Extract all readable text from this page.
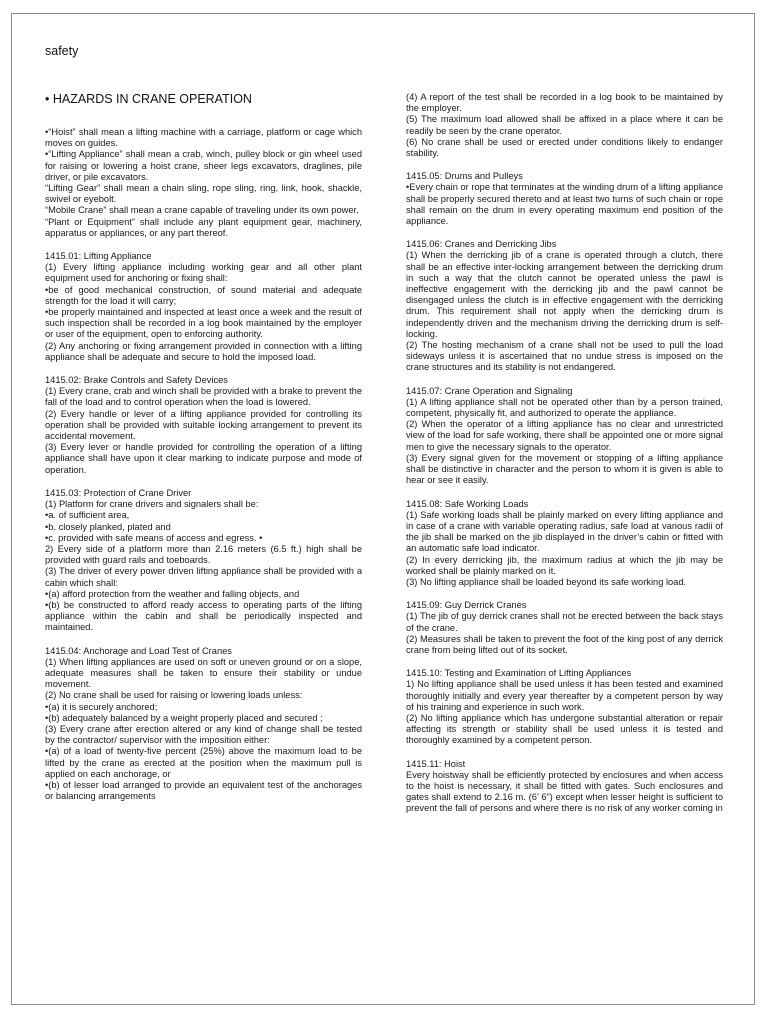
safety
• HAZARDS IN CRANE OPERATION

•“Hoist” shall mean a lifting machine with a carriage, platform or cage which moves on guides.

•“Lifting Appliance” shall mean a crab, winch, pulley block or gin wheel used for raising or lowering a hoist crane, sheer legs excavators, draglines, pile driver, or pile excavators.

“Lifting Gear” shall mean a chain sling, rope sling, ring, link, hook, shackle, swivel or eyebolt.

“Mobile Crane” shall mean a crane capable of traveling under its own power.

“Plant or Equipment” shall include any plant equipment gear, machinery, apparatus or appliances, or any part thereof.

1415.01: Lifting Appliance

(1) Every lifting appliance including working gear and all other plant equipment used for anchoring or fixing shall:

•be of good mechanical construction, of sound material and adequate strength for the load it will carry;

•be properly maintained and inspected at least once a week and the result of such inspection shall be recorded in a log book maintained by the employer or user of the equipment, open to enforcing authority.

(2) Any anchoring or fixing arrangement provided in connection with a lifting appliance shall be adequate and secure to hold the imposed load.

1415.02: Brake Controls and Safety Devices

(1) Every crane, crab and winch shall be provided with a brake to prevent the fall of the load and to control operation when the load is lowered.

(2) Every handle or lever of a lifting appliance provided for controlling its operation shall be provided with suitable locking arrangement to prevent its accidental movement.

(3) Every lever or handle provided for controlling the operation of a lifting appliance shall have upon it clear marking to indicate purpose and mode of operation.

1415.03: Protection of Crane Driver

(1) Platform for crane drivers and signalers shall be:

•a. of sufficient area,

•b. closely planked, plated and

•c. provided with safe means of access and egress. •

2) Every side of a platform more than 2.16 meters (6.5 ft.) high shall be provided with guard rails and toeboards.

(3) The driver of every power driven lifting appliance shall be provided with a cabin which shall:

•(a) afford protection from the weather and falling objects, and

•(b) be constructed to afford ready access to operating parts of the lifting appliance within the cabin and shall be periodically inspected and maintained.

1415.04: Anchorage and Load Test of Cranes

(1) When lifting appliances are used on soft or uneven ground or on a slope, adequate measures shall be taken to ensure their stability or undue movement.

(2) No crane shall be used for raising or lowering loads unless:

•(a) it is securely anchored;

•(b) adequately balanced by a weight properly placed and secured ;

(3) Every crane after erection altered or any kind of change shall be tested by the contractor/ supervisor with the imposition either:

•(a) of a load of twenty-five percent (25%) above the maximum load to be lifted by the crane as erected at the position when the maximum pull is applied on each anchorage, or

•(b) of lesser load arranged to provide an equivalent test of the anchorages or balancing arrangements

(4) A report of the test shall be recorded in a log book to be maintained by the employer.

(5) The maximum load allowed shall be affixed in a place where it can be readily be seen by the crane operator.

(6) No crane shall be used or erected under conditions likely to endanger stability.

1415.05: Drums and Pulleys

•Every chain or rope that terminates at the winding drum of a lifting appliance shall be properly secured thereto and at least two turns of such chain or rope shall remain on the drum in every operating maximum end position of the appliance.

1415.06: Cranes and Derricking Jibs

(1) When the derricking jib of a crane is operated through a clutch, there shall be an effective inter-locking arrangement between the derricking drum in such a way that the clutch cannot be operated unless the pawl is ineffective engagement with the derricking jib and the pawl cannot be disengaged unless the clutch is in effective engagement with the derricking drum. This requirement shall not apply when the derricking drum is independently driven and the mechanism driving the derricking drum is self-locking.

(2) The hosting mechanism of a crane shall not be used to pull the load sideways unless it is ascertained that no undue stress is imposed on the crane structures and its stability is not endangered.

1415.07: Crane Operation and Signaling

(1) A lifting appliance shall not be operated other than by a person trained, competent, physically fit, and authorized to operate the appliance.

(2) When the operator of a lifting appliance has no clear and unrestricted view of the load for safe working, there shall be appointed one or more signal men to give the necessary signals to the operator.

(3) Every signal given for the movement or stopping of a lifting appliance shall be distinctive in character and the person to whom it is given is able to hear or see it easily.

1415.08: Safe Working Loads

(1) Safe working loads shall be plainly marked on every lifting appliance and in case of a crane with variable operating radius, safe load at various radii of the jib shall be marked on the jib displayed in the driver’s cabin or fitted with an automatic safe load indicator.

(2) In every derricking jib, the maximum radius at which the jib may be worked shall be plainly marked on it.

(3) No lifting appliance shall be loaded beyond its safe working load.

1415.09: Guy Derrick Cranes

(1) The jib of guy derrick cranes shall not be erected between the back stays of the crane.

(2) Measures shall be taken to prevent the foot of the king post of any derrick crane from being lifted out of its socket.

1415.10: Testing and Examination of Lifting Appliances

1) No lifting appliance shall be used unless it has been tested and examined thoroughly initially and every year thereafter by a competent person by way of his training and experience in such work.

(2) No lifting appliance which has undergone substantial alteration or repair affecting its strength or stability shall be used unless it is tested and thoroughly examined by a competent person.

1415.11: Hoist

Every hoistway shall be efficiently protected by enclosures and when access to the hoist is necessary, it shall be fitted with gates. Such enclosures and gates shall extend to 2.16 m. (6’ 6”) except when lesser height is sufficient to prevent the fall of persons and where there is no risk of any worker coming in
